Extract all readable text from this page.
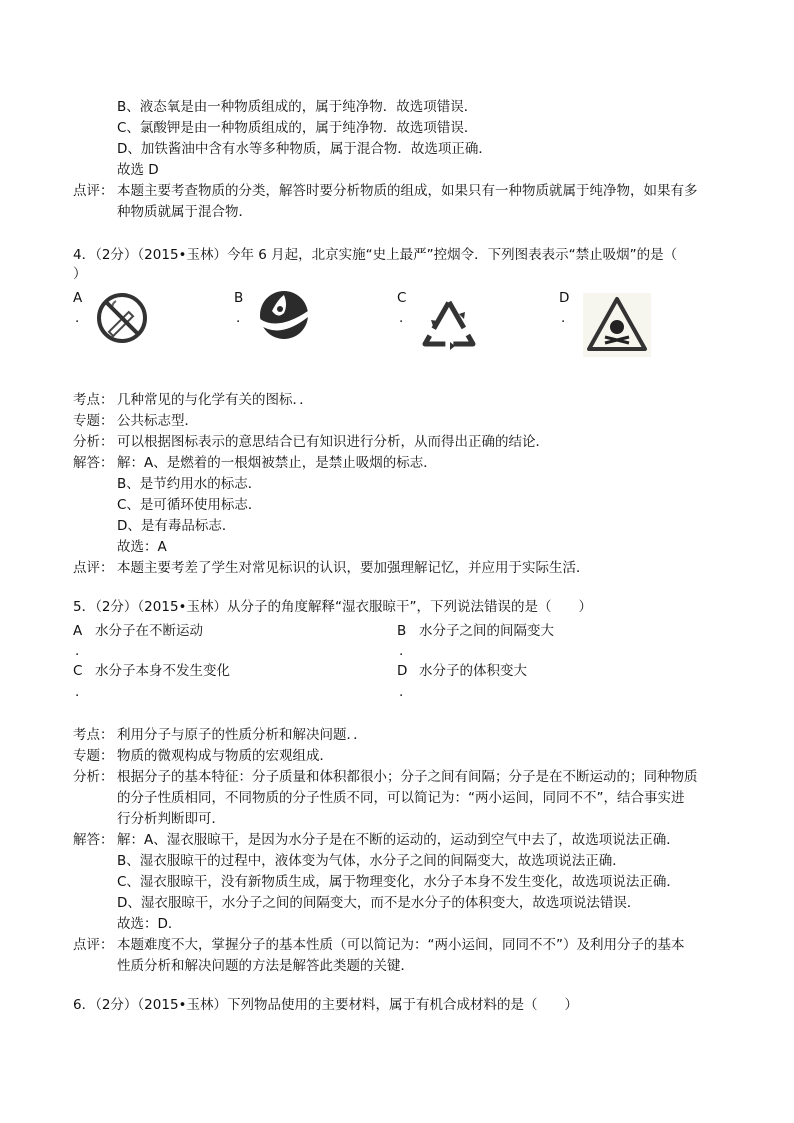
B、液态氧是由一种物质组成的，属于纯净物．故选项错误．
C、氯酸钾是由一种物质组成的，属于纯净物．故选项错误．
D、加铁酱油中含有水等多种物质，属于混合物．故选项正确．
故选 D
点评： 本题主要考查物质的分类，解答时要分析物质的组成，如果只有一种物质就属于纯净物，如果有多
种物质就属于混合物．
4．（2分）（2015•玉林）今年 6 月起，北京实施“史上最严”控烟令．下列图表表示“禁止吸烟”的是（
）
A
.
B
.
C
.
D
.
考点： 几种常见的与化学有关的图标．．
专题： 公共标志型．
分析： 可以根据图标表示的意思结合已有知识进行分析，从而得出正确的结论．
解答： 解：A、是燃着的一根烟被禁止，是禁止吸烟的标志．
B、是节约用水的标志．
C、是可循环使用标志．
D、是有毒品标志．
故选：A
点评： 本题主要考差了学生对常见标识的认识，要加强理解记忆，并应用于实际生活．
5．（2分）（2015•玉林）从分子的角度解释“湿衣服晾干”，下列说法错误的是（　　）
A 水分子在不断运动
.
B 水分子之间的间隔变大
.
C 水分子本身不发生变化
.
D 水分子的体积变大
.
考点： 利用分子与原子的性质分析和解决问题．．
专题： 物质的微观构成与物质的宏观组成．
分析： 根据分子的基本特征：分子质量和体积都很小；分子之间有间隔；分子是在不断运动的；同种物质
的分子性质相同，不同物质的分子性质不同，可以简记为：“两小运间，同同不不”，结合事实进
行分析判断即可．
解答： 解：A、湿衣服晾干，是因为水分子是在不断的运动的，运动到空气中去了，故选项说法正确．
B、湿衣服晾干的过程中，液体变为气体，水分子之间的间隔变大，故选项说法正确．
C、湿衣服晾干，没有新物质生成，属于物理变化，水分子本身不发生变化，故选项说法正确．
D、湿衣服晾干，水分子之间的间隔变大，而不是水分子的体积变大，故选项说法错误．
故选：D．
点评： 本题难度不大，掌握分子的基本性质（可以简记为：“两小运间，同同不不”）及利用分子的基本
性质分析和解决问题的方法是解答此类题的关键．
6．（2分）（2015•玉林）下列物品使用的主要材料，属于有机合成材料的是（　　）
